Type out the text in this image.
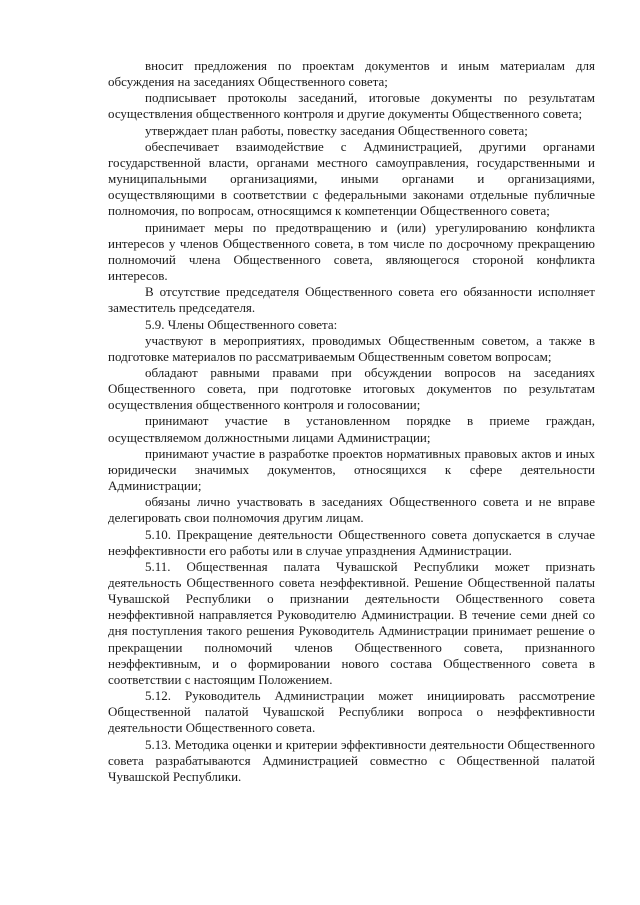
вносит предложения по проектам документов и иным материалам для обсуждения на заседаниях Общественного совета;

подписывает протоколы заседаний, итоговые документы по результатам осуществления общественного контроля и другие документы Общественного совета;

утверждает план работы, повестку заседания Общественного совета;

обеспечивает взаимодействие с Администрацией, другими органами государственной власти, органами местного самоуправления, государственными и муниципальными организациями, иными органами и организациями, осуществляющими в соответствии с федеральными законами отдельные публичные полномочия, по вопросам, относящимся к компетенции Общественного совета;

принимает меры по предотвращению и (или) урегулированию конфликта интересов у членов Общественного совета, в том числе по досрочному прекращению полномочий члена Общественного совета, являющегося стороной конфликта интересов.

В отсутствие председателя Общественного совета его обязанности исполняет заместитель председателя.

5.9. Члены Общественного совета:

участвуют в мероприятиях, проводимых Общественным советом, а также в подготовке материалов по рассматриваемым Общественным советом вопросам;

обладают равными правами при обсуждении вопросов на заседаниях Общественного совета, при подготовке итоговых документов по результатам осуществления общественного контроля и голосовании;

принимают участие в установленном порядке в приеме граждан, осуществляемом должностными лицами Администрации;

принимают участие в разработке проектов нормативных правовых актов и иных юридически значимых документов, относящихся к сфере деятельности Администрации;

обязаны лично участвовать в заседаниях Общественного совета и не вправе делегировать свои полномочия другим лицам.

5.10. Прекращение деятельности Общественного совета допускается в случае неэффективности его работы или в случае упразднения Администрации.

5.11. Общественная палата Чувашской Республики может признать деятельность Общественного совета неэффективной. Решение Общественной палаты Чувашской Республики о признании деятельности Общественного совета неэффективной направляется Руководителю Администрации. В течение семи дней со дня поступления такого решения Руководитель Администрации принимает решение о прекращении полномочий членов Общественного совета, признанного неэффективным, и о формировании нового состава Общественного совета в соответствии с настоящим Положением.

5.12. Руководитель Администрации может инициировать рассмотрение Общественной палатой Чувашской Республики вопроса о неэффективности деятельности Общественного совета.

5.13. Методика оценки и критерии эффективности деятельности Общественного совета разрабатываются Администрацией совместно с Общественной палатой Чувашской Республики.
